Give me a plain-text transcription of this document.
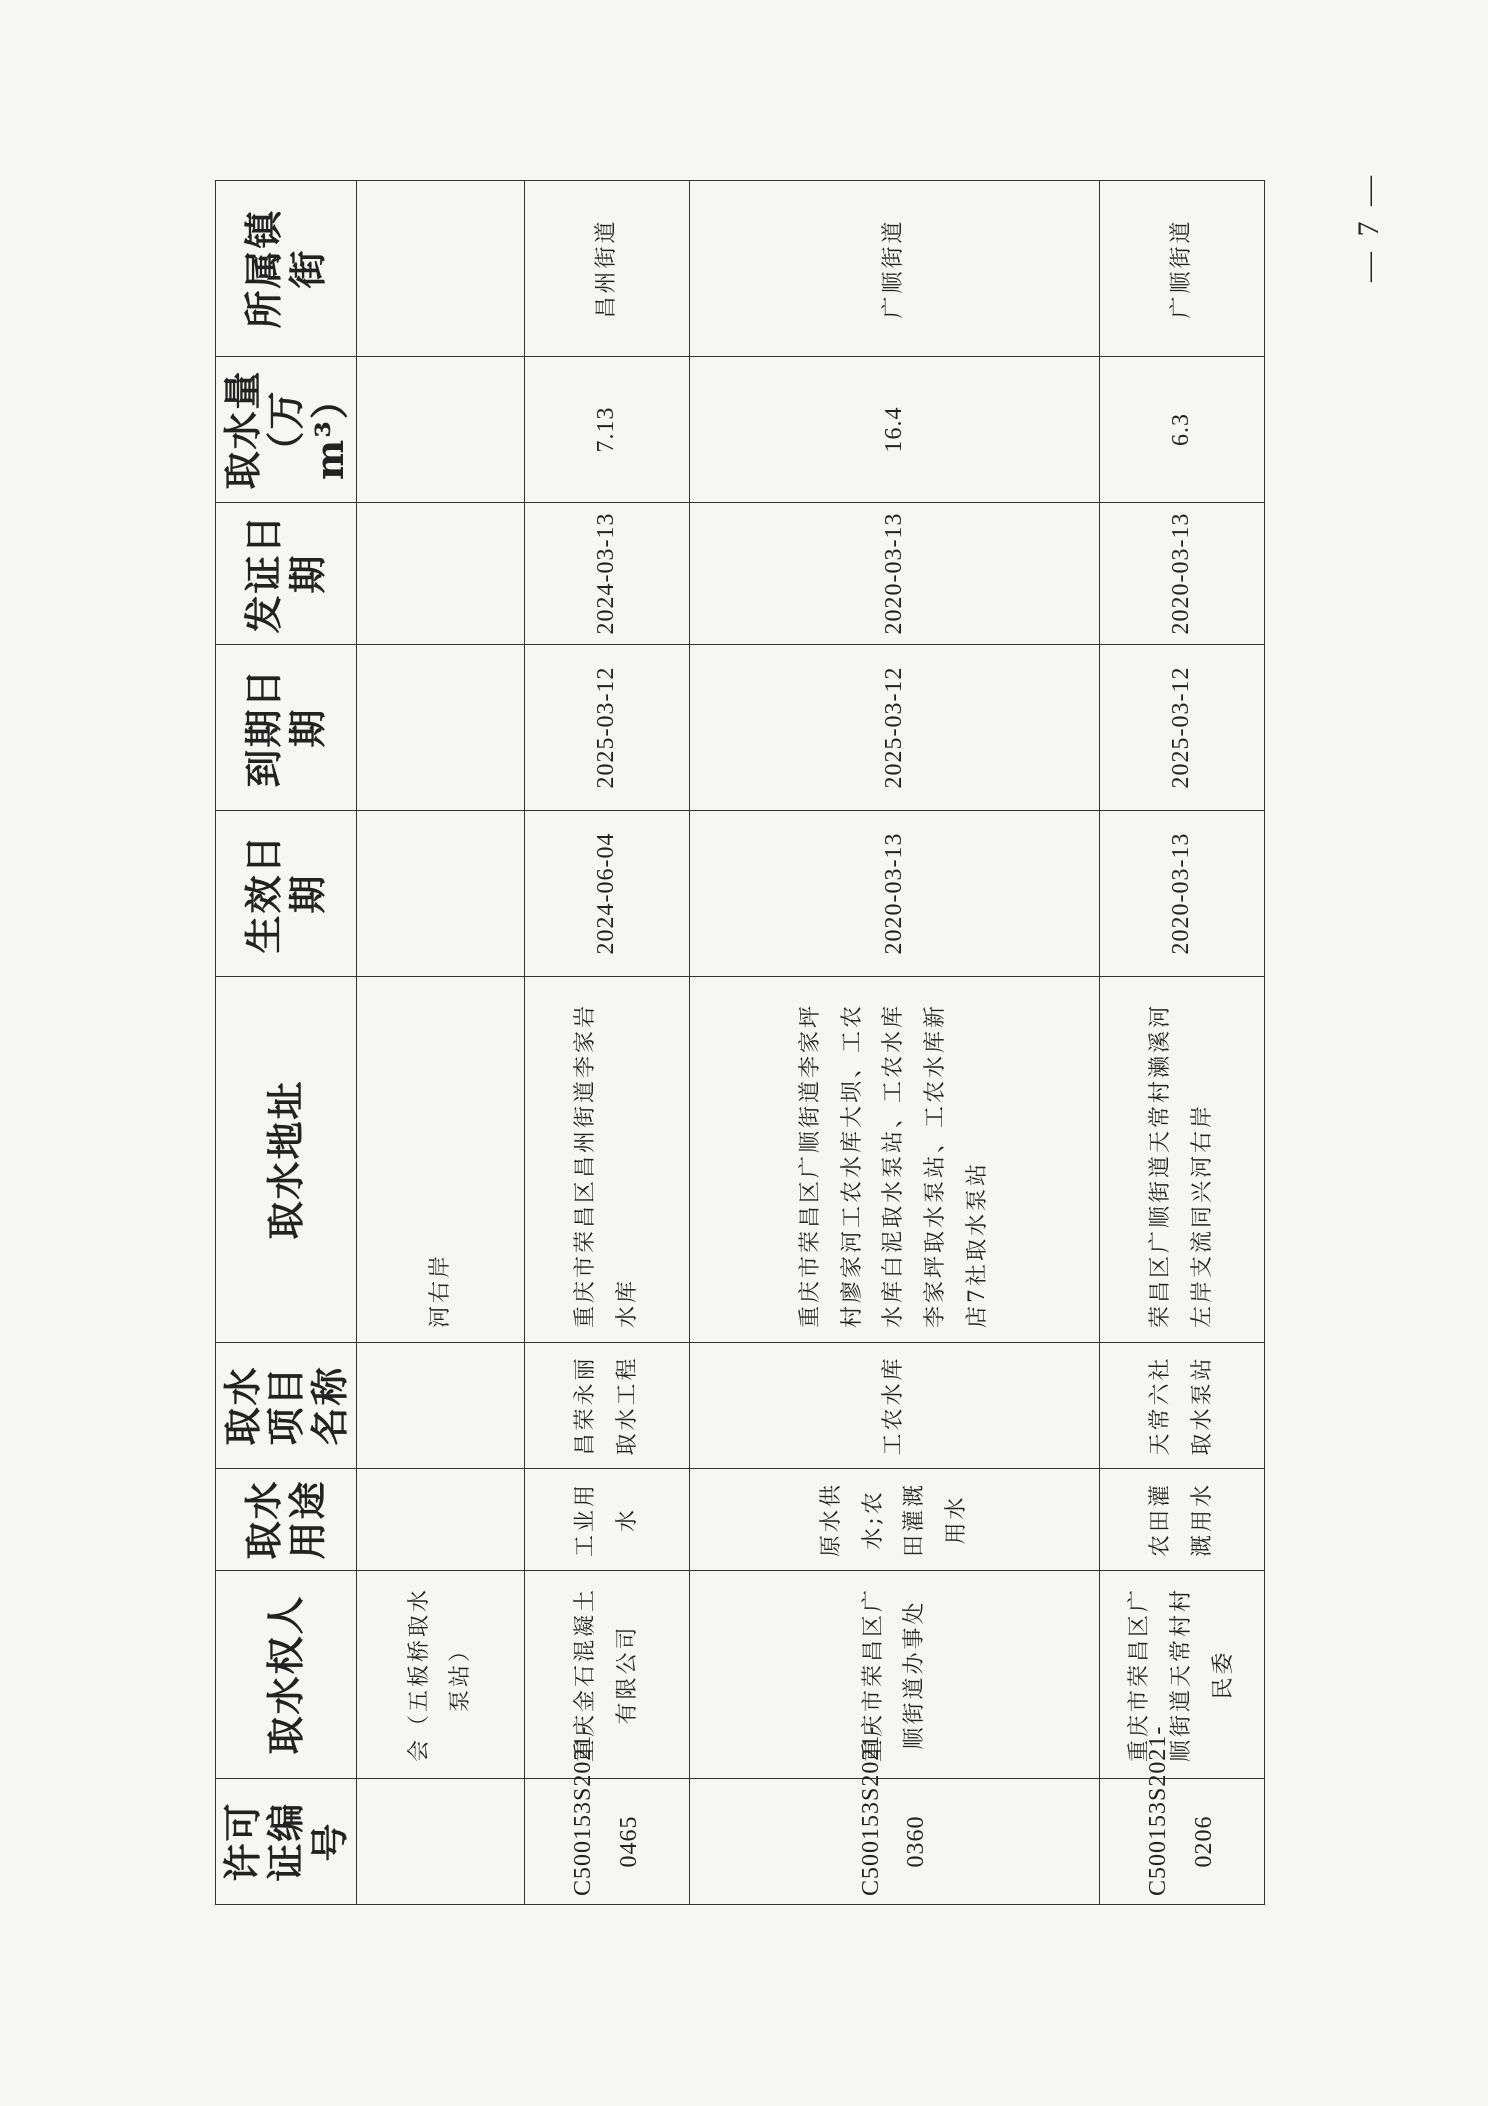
许可证编号	取水权人	取水用途	取水项目名称	取水地址	生效日期	到期日期	发证日期	取水量（万m³）	所属镇街
	会（五板桥取水泵站）			河右岸					
C500153S2021-0465	重庆金石混凝土有限公司	工业用水	昌荣永丽取水工程	重庆市荣昌区昌州街道李家岩水库	2024-06-04	2025-03-12	2024-03-13	7.13	昌州街道
C500153S2021-0360	重庆市荣昌区广顺街道办事处	原水供水;农田灌溉用水	工农水库	重庆市荣昌区广顺街道李家坪村廖家河工农水库大坝、工农水库白泥取水泵站、工农水库李家坪取水泵站、工农水库新店7社取水泵站	2020-03-13	2025-03-12	2020-03-13	16.4	广顺街道
C500153S2021-0206	重庆市荣昌区广顺街道天常村村民委	农田灌溉用水	天常六社取水泵站	荣昌区广顺街道天常村濑溪河左岸支流同兴河右岸	2020-03-13	2025-03-12	2020-03-13	6.3	广顺街道	— 7 —
